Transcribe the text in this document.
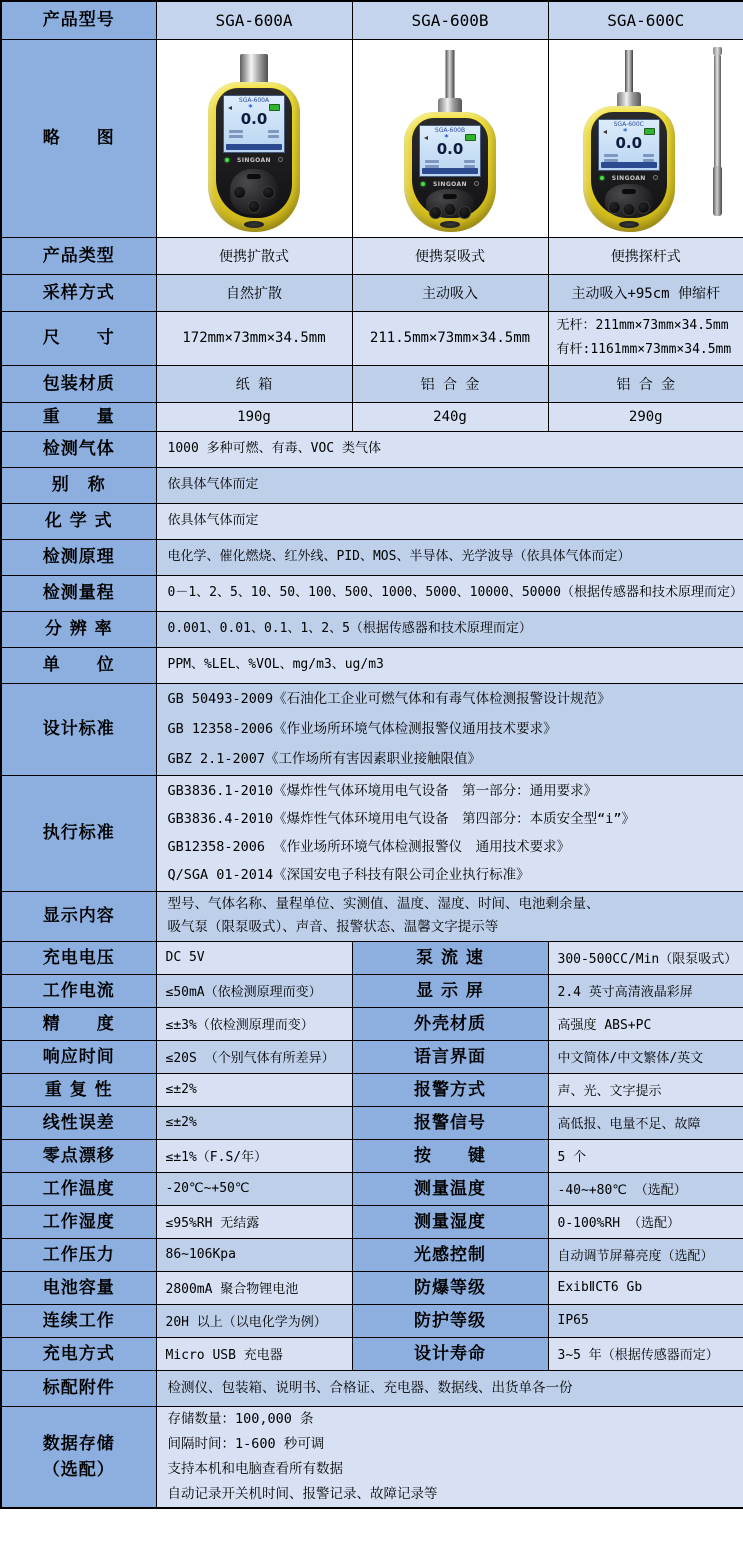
产品型号	SGA-600A	SGA-600B	SGA-600C

略　　图

SGA-600A
*
0.0
SINGOAN

SGA-600B
*
0.0
SINGOAN

SGA-600C
*
0.0
SINGOAN

产品类型	便携扩散式	便携泵吸式	便携探杆式

采样方式	自然扩散	主动吸入	主动吸入+95cm 伸缩杆

尺　　寸	172mm×73mm×34.5mm	211.5mm×73mm×34.5mm	无杆：211mm×73mm×34.5mm
有杆:1161mm×73mm×34.5mm

包装材质	纸 箱	铝 合 金	铝 合 金

重　　量	190g	240g	290g

检测气体	1000 多种可燃、有毒、VOC 类气体		

别　称	依具体气体而定		

化 学 式	依具体气体而定		

检测原理	电化学、催化燃烧、红外线、PID、MOS、半导体、光学波导（依具体气体而定）		

检测量程	0－1、2、5、10、50、100、500、1000、5000、10000、50000（根据传感器和技术原理而定）		

分 辨 率	0.001、0.01、0.1、1、2、5（根据传感器和技术原理而定）		

单　　位	PPM、%LEL、%VOL、mg/m3、ug/m3		

设计标准	GB 50493-2009《石油化工企业可燃气体和有毒气体检测报警设计规范》
GB 12358-2006《作业场所环境气体检测报警仪通用技术要求》
GBZ 2.1-2007《工作场所有害因素职业接触限值》		

执行标准	GB3836.1-2010《爆炸性气体环境用电气设备　第一部分：通用要求》
GB3836.4-2010《爆炸性气体环境用电气设备　第四部分：本质安全型“i”》
GB12358-2006 《作业场所环境气体检测报警仪　通用技术要求》
Q/SGA 01-2014《深国安电子科技有限公司企业执行标准》		

显示内容	型号、气体名称、量程单位、实测值、温度、湿度、时间、电池剩余量、
吸气泵（限泵吸式）、声音、报警状态、温馨文字提示等		

充电电压	DC 5V	泵 流 速	300-500CC/Min（限泵吸式）

工作电流	≤50mA（依检测原理而变）	显 示 屏	2.4 英寸高清液晶彩屏

精　　度	≤±3%（依检测原理而变）	外壳材质	高强度 ABS+PC

响应时间	≤20S （个别气体有所差异）	语言界面	中文简体/中文繁体/英文

重 复 性	≤±2%	报警方式	声、光、文字提示

线性误差	≤±2%	报警信号	高低报、电量不足、故障

零点漂移	≤±1%（F.S/年）	按　　键	5 个

工作温度	-20℃~+50℃	测量温度	-40~+80℃ （选配）

工作湿度	≤95%RH 无结露	测量湿度	0-100%RH （选配）

工作压力	86~106Kpa	光感控制	自动调节屏幕亮度（选配）

电池容量	2800mA 聚合物锂电池	防爆等级	ExibⅡCT6 Gb

连续工作	20H 以上（以电化学为例）	防护等级	IP65

充电方式	Micro USB 充电器	设计寿命	3~5 年（根据传感器而定）

标配附件	检测仪、包装箱、说明书、合格证、充电器、数据线、出货单各一份		

数据存储
（选配）

存储数量：100,000 条
间隔时间：1-600 秒可调
支持本机和电脑查看所有数据
自动记录开关机时间、报警记录、故障记录等
